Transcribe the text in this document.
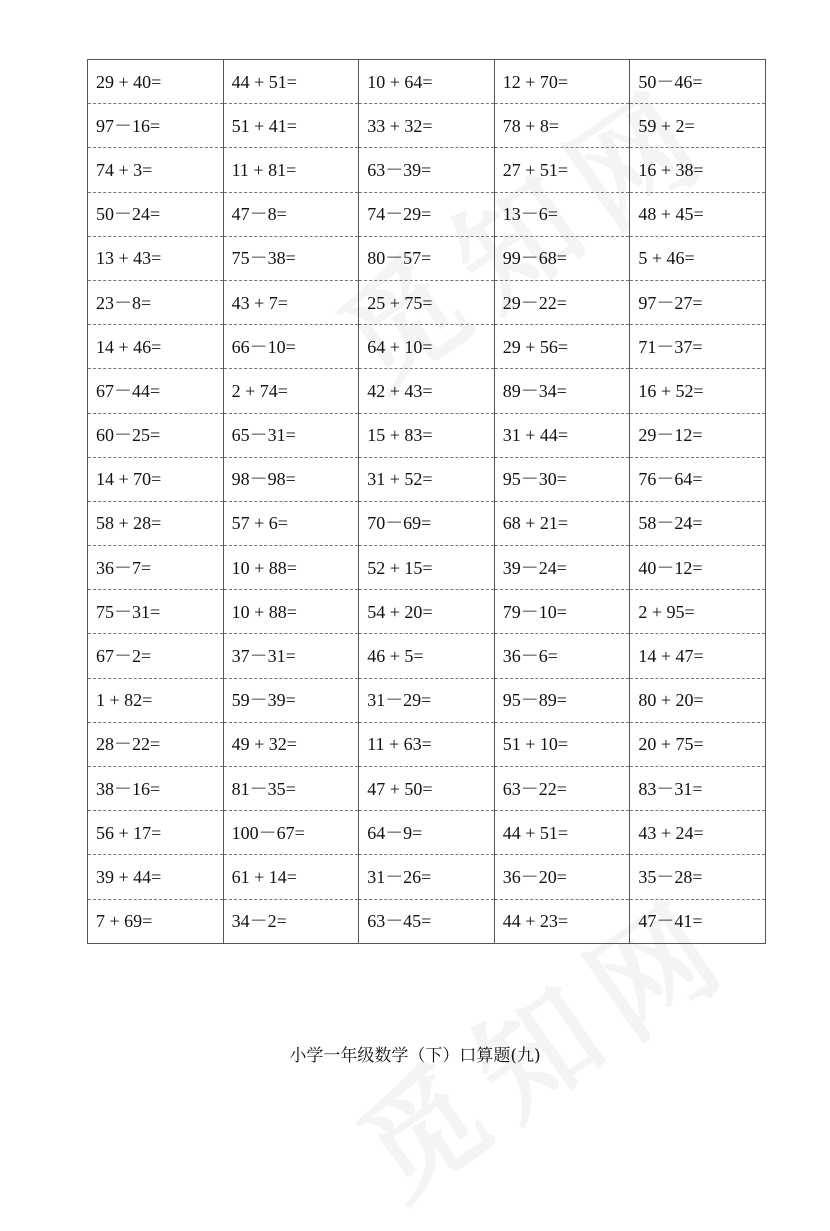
29 + 40=	44 + 51=	10 + 64=	12 + 70=	50－46=
97－16=	51 + 41=	33 + 32=	78 + 8=	59 + 2=
74 + 3=	11 + 81=	63－39=	27 + 51=	16 + 38=
50－24=	47－8=	74－29=	13－6=	48 + 45=
13 + 43=	75－38=	80－57=	99－68=	5 + 46=
23－8=	43 + 7=	25 + 75=	29－22=	97－27=
14 + 46=	66－10=	64 + 10=	29 + 56=	71－37=
67－44=	2 + 74=	42 + 43=	89－34=	16 + 52=
60－25=	65－31=	15 + 83=	31 + 44=	29－12=
14 + 70=	98－98=	31 + 52=	95－30=	76－64=
58 + 28=	57 + 6=	70－69=	68 + 21=	58－24=
36－7=	10 + 88=	52 + 15=	39－24=	40－12=
75－31=	10 + 88=	54 + 20=	79－10=	2 + 95=
67－2=	37－31=	46 + 5=	36－6=	14 + 47=
1 + 82=	59－39=	31－29=	95－89=	80 + 20=
28－22=	49 + 32=	11 + 63=	51 + 10=	20 + 75=
38－16=	81－35=	47 + 50=	63－22=	83－31=
56 + 17=	100－67=	64－9=	44 + 51=	43 + 24=
39 + 44=	61 + 14=	31－26=	36－20=	35－28=
7 + 69=	34－2=	63－45=	44 + 23=	47－41=
小学一年级数学（下）口算题(九)
